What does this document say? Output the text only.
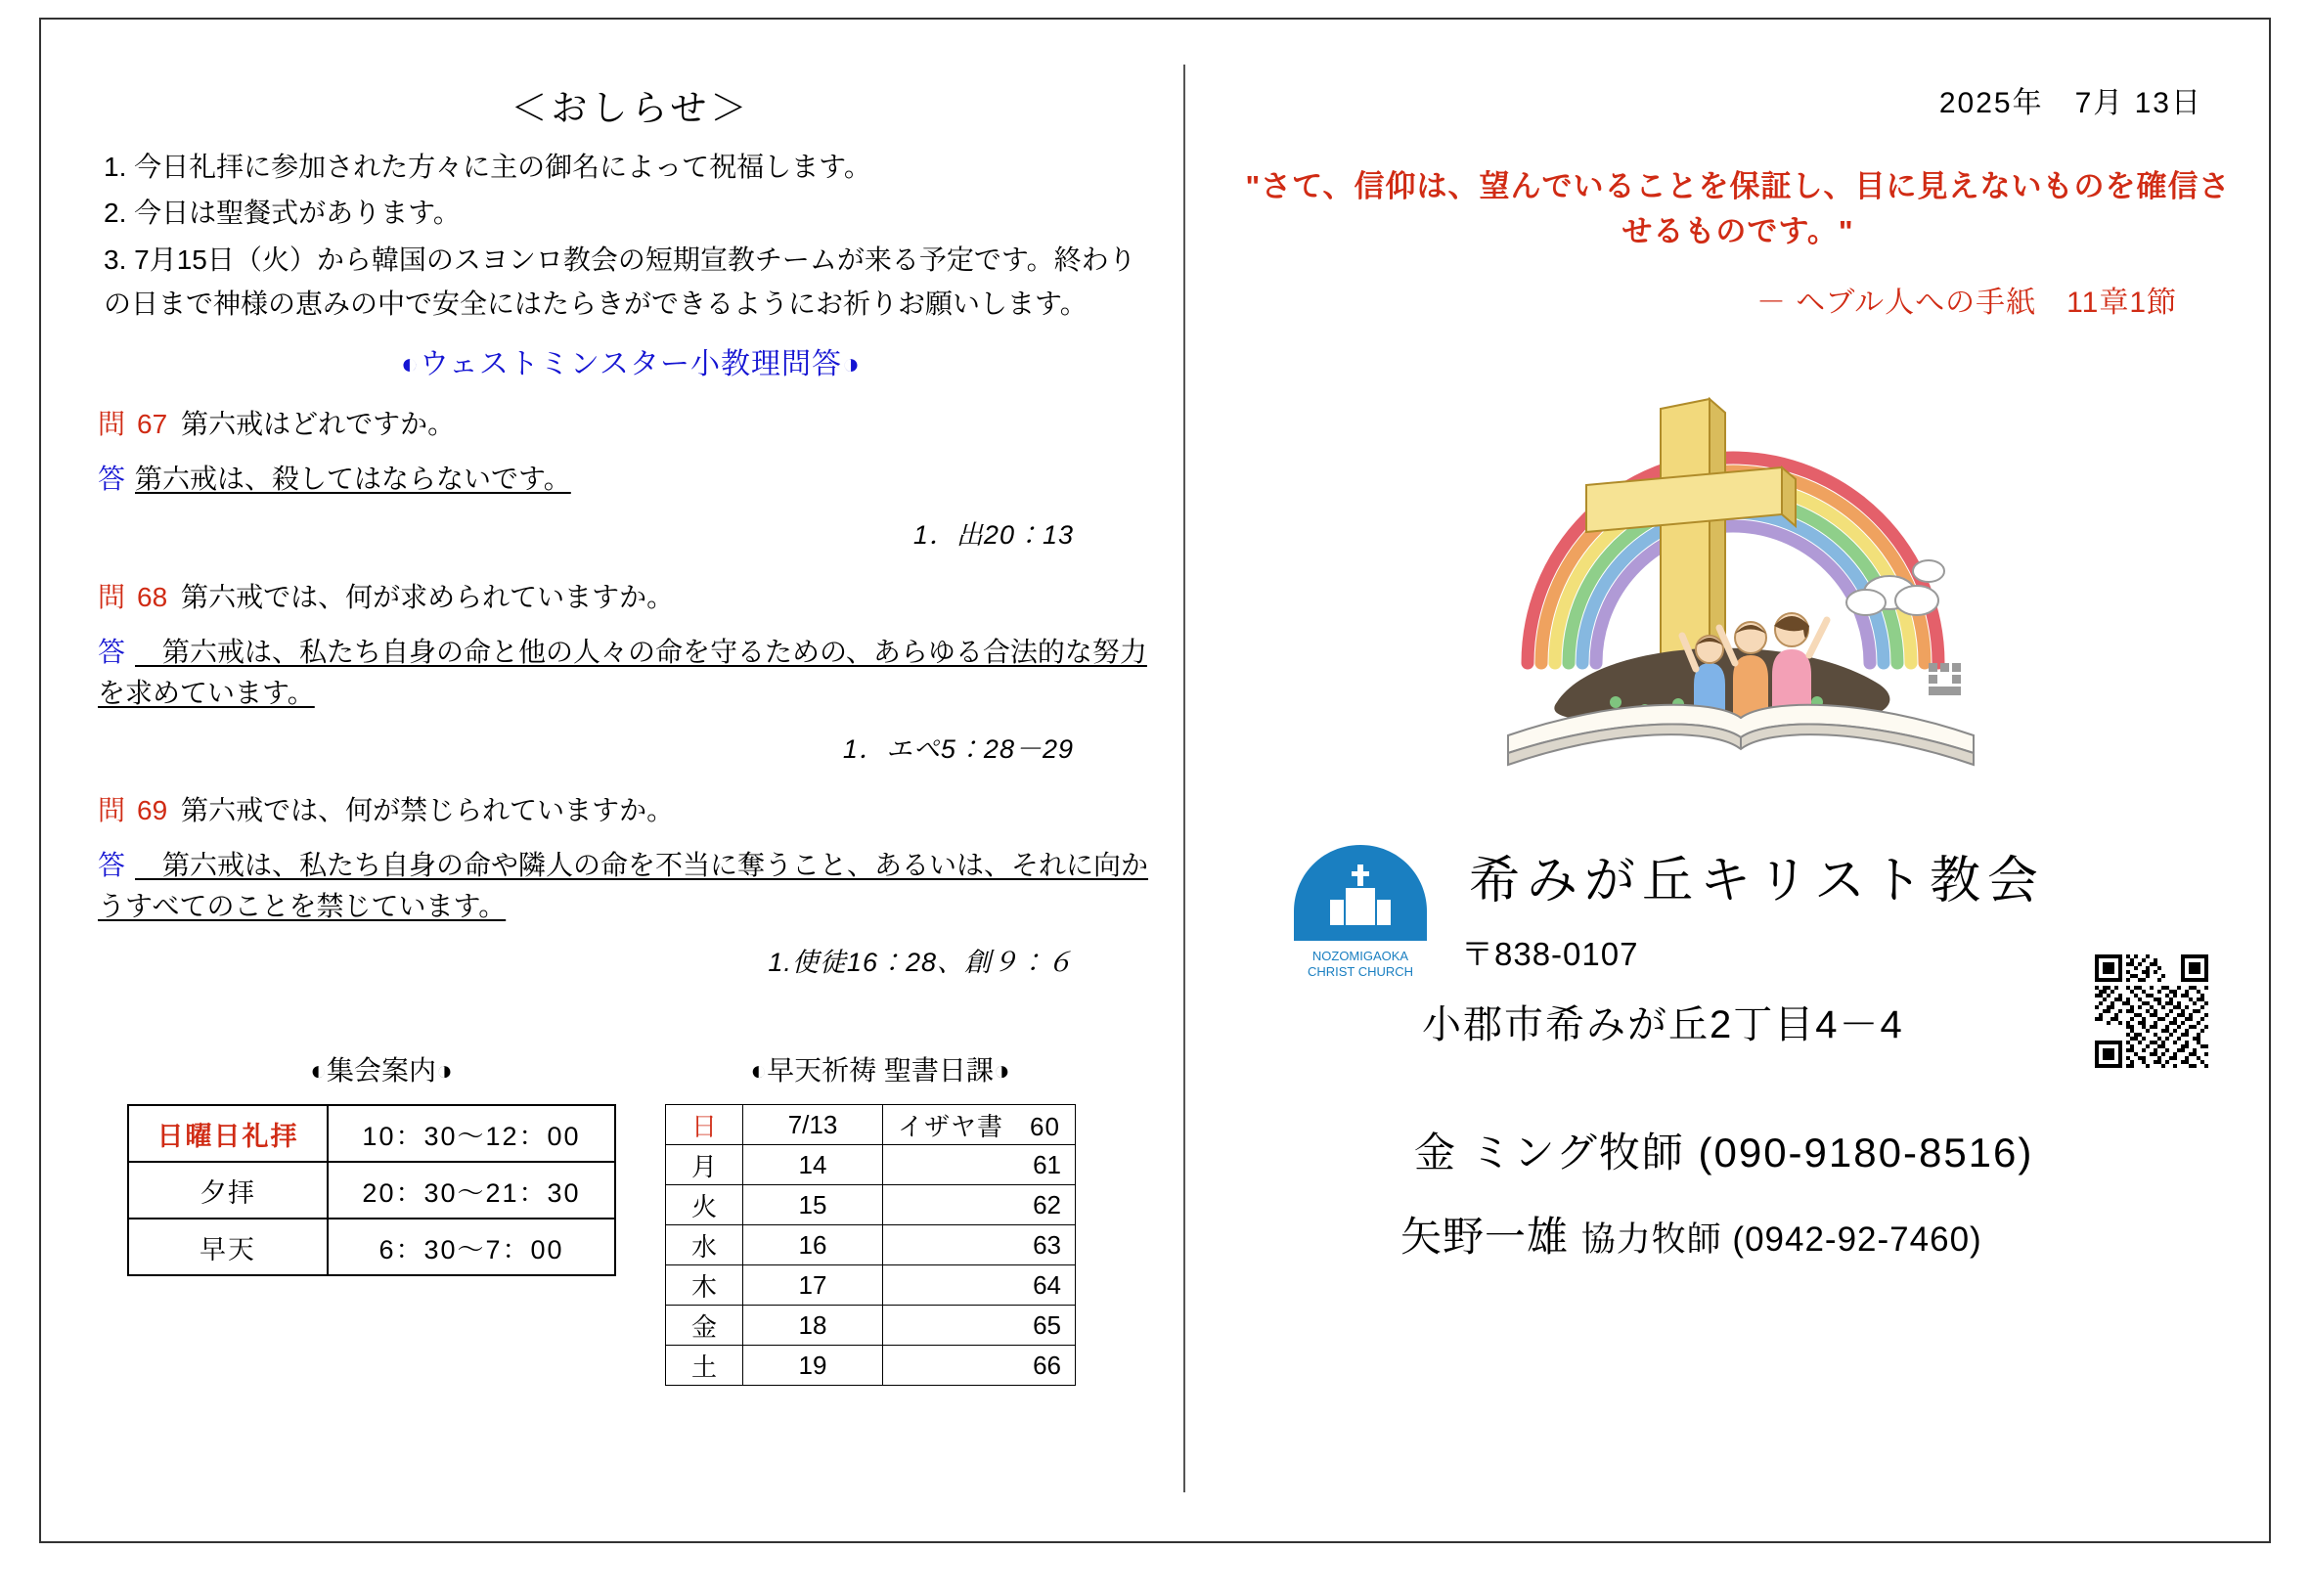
＜おしらせ＞

1. 今日礼拝に参加された方々に主の御名によって祝福します。

2. 今日は聖餐式があります。

3. 7月15日（火）から韓国のスヨンロ教会の短期宣教チームが来る予定です。終わりの日まで神様の恵みの中で安全にはたらきができるようにお祈りお願いします。

◐ウェストミンスター小教理問答◑
問 67 第六戒はどれですか。
答 第六戒は、殺してはならないです。
1．出20：13
問 68 第六戒では、何が求められていますか。
答　第六戒は、私たち自身の命と他の人々の命を守るための、あらゆる合法的な努力を求めています。
1．エペ5：28－29
問 69 第六戒では、何が禁じられていますか。
答　第六戒は、私たち自身の命や隣人の命を不当に奪うこと、あるいは、それに向かうすべてのことを禁じています。
1.使徒16：28、創９：６
◐集会案内◑
日曜日礼拝	10：30～12：00
夕拝	20：30～21：30
早天	6：30～7：00
◐早天祈祷 聖書日課◑
日	7/13	イザヤ書　60
月	14	61
火	15	62
水	16	63
木	17	64
金	18	65
土	19	66
2025年　7月 13日
"さて、信仰は、望んでいることを保証し、目に見えないものを確信させるものです。"
－ ヘブル人への手紙　11章1節
NOZOMIGAOKA
CHRIST CHURCH
希みが丘キリスト教会
〒838-0107
小郡市希みが丘2丁目4－4
金 ミング牧師 (090-9180-8516)
矢野一雄 協力牧師 (0942-92-7460)
